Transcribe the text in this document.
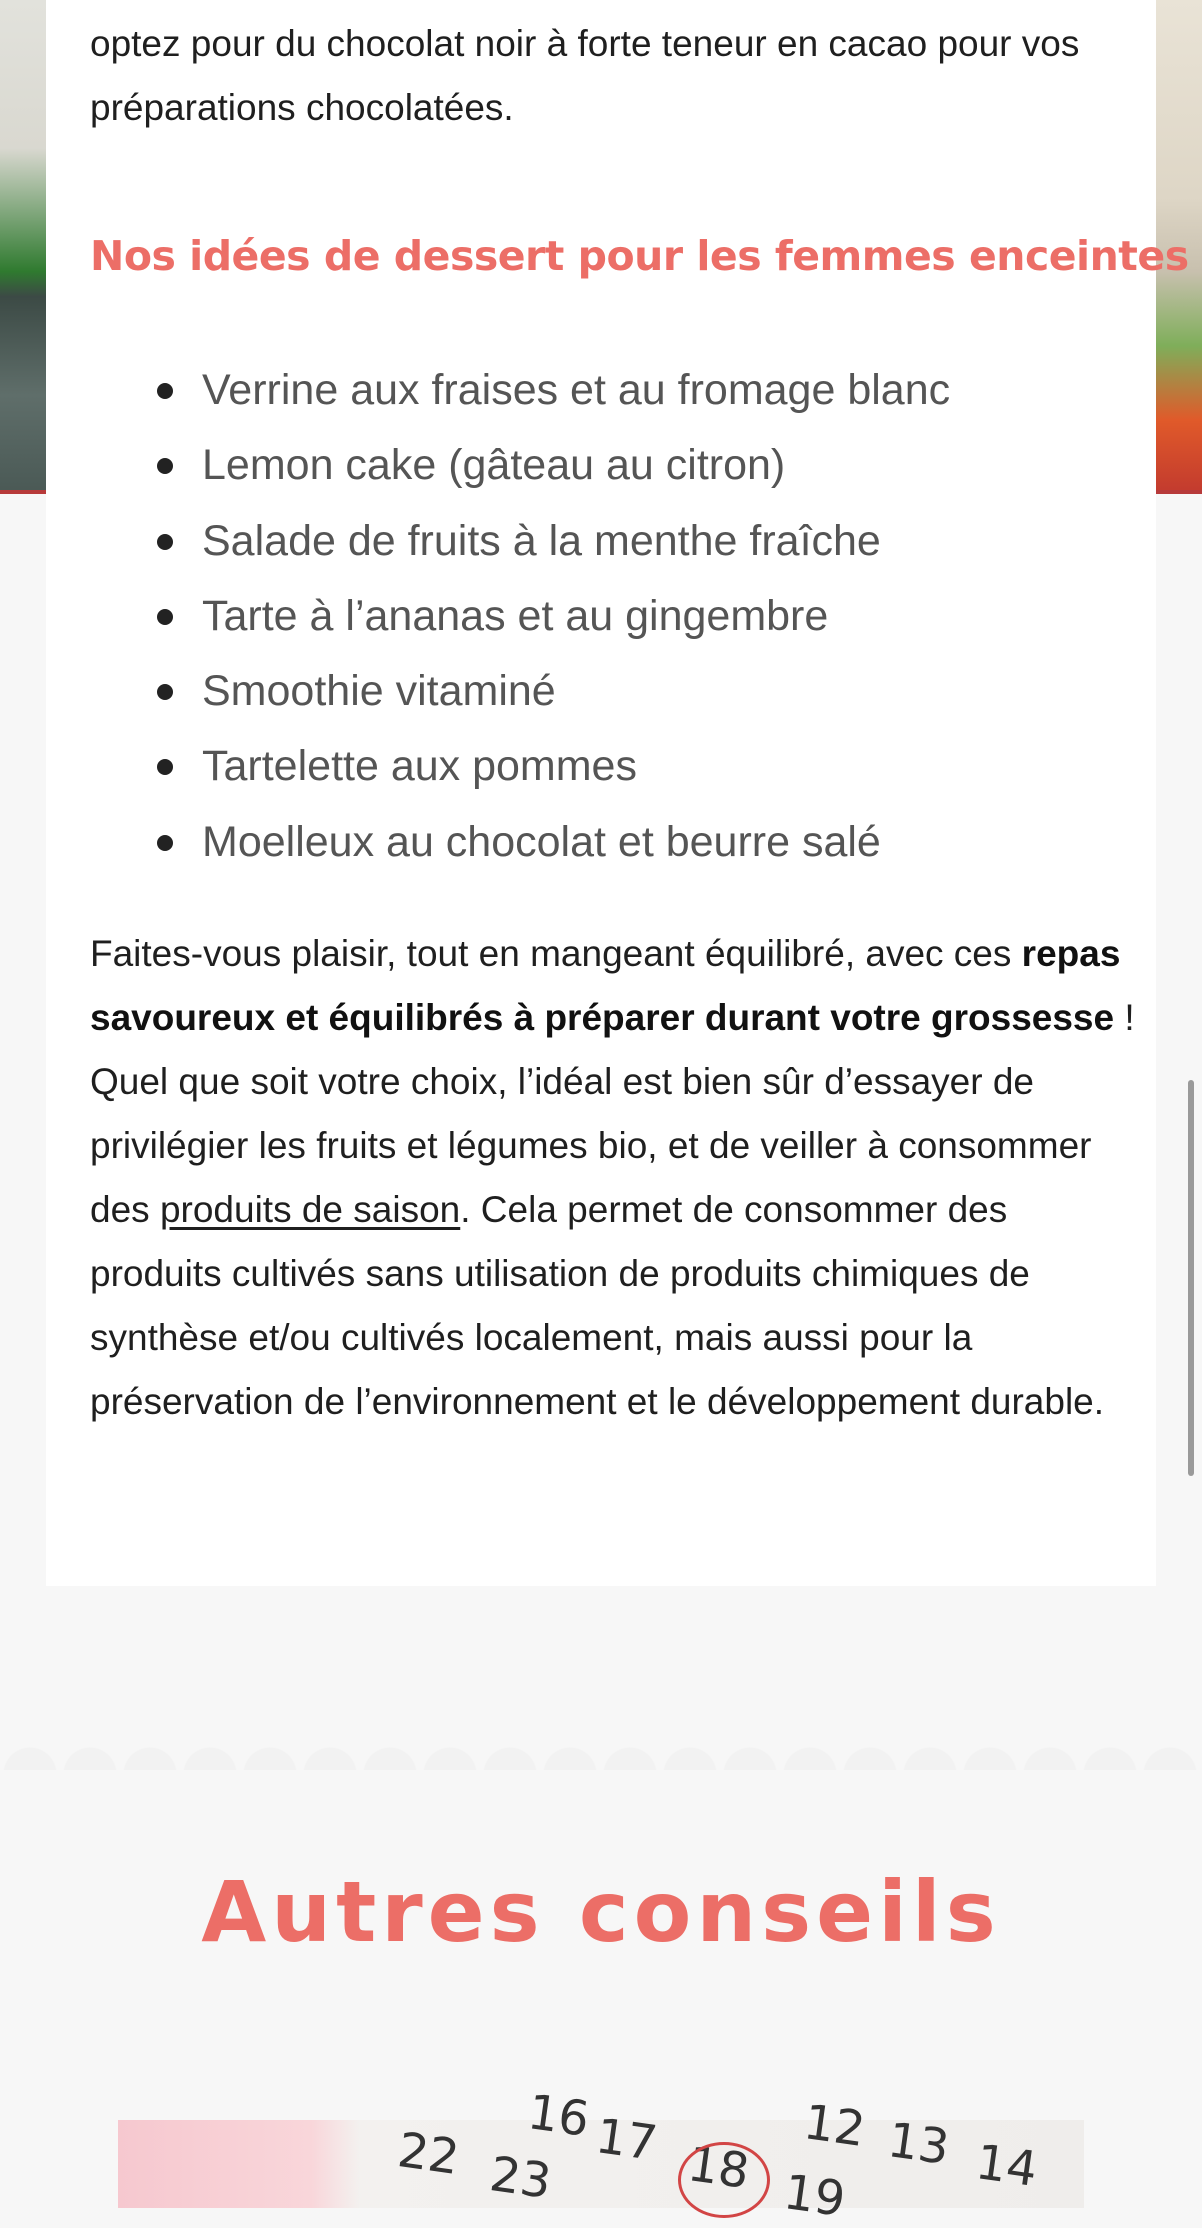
optez pour du chocolat noir à forte teneur en cacao pour vos préparations chocolatées.

Nos idées de dessert pour les femmes enceintes
Verrine aux fraises et au fromage blanc
Lemon cake (gâteau au citron)
Salade de fruits à la menthe fraîche
Tarte à l’ananas et au gingembre
Smoothie vitaminé
Tartelette aux pommes
Moelleux au chocolat et beurre salé

Faites-vous plaisir, tout en mangeant équilibré, avec ces repas savoureux et équilibrés à préparer durant votre grossesse ! Quel que soit votre choix, l’idéal est bien sûr d’essayer de privilégier les fruits et légumes bio, et de veiller à consommer des produits de saison. Cela permet de consommer des produits cultivés sans utilisation de produits chimiques de synthèse et/ou cultivés localement, mais aussi pour la préservation de l’environnement et le développement durable.

Autres conseils
16 17 18
12 13 14
22 23	19
